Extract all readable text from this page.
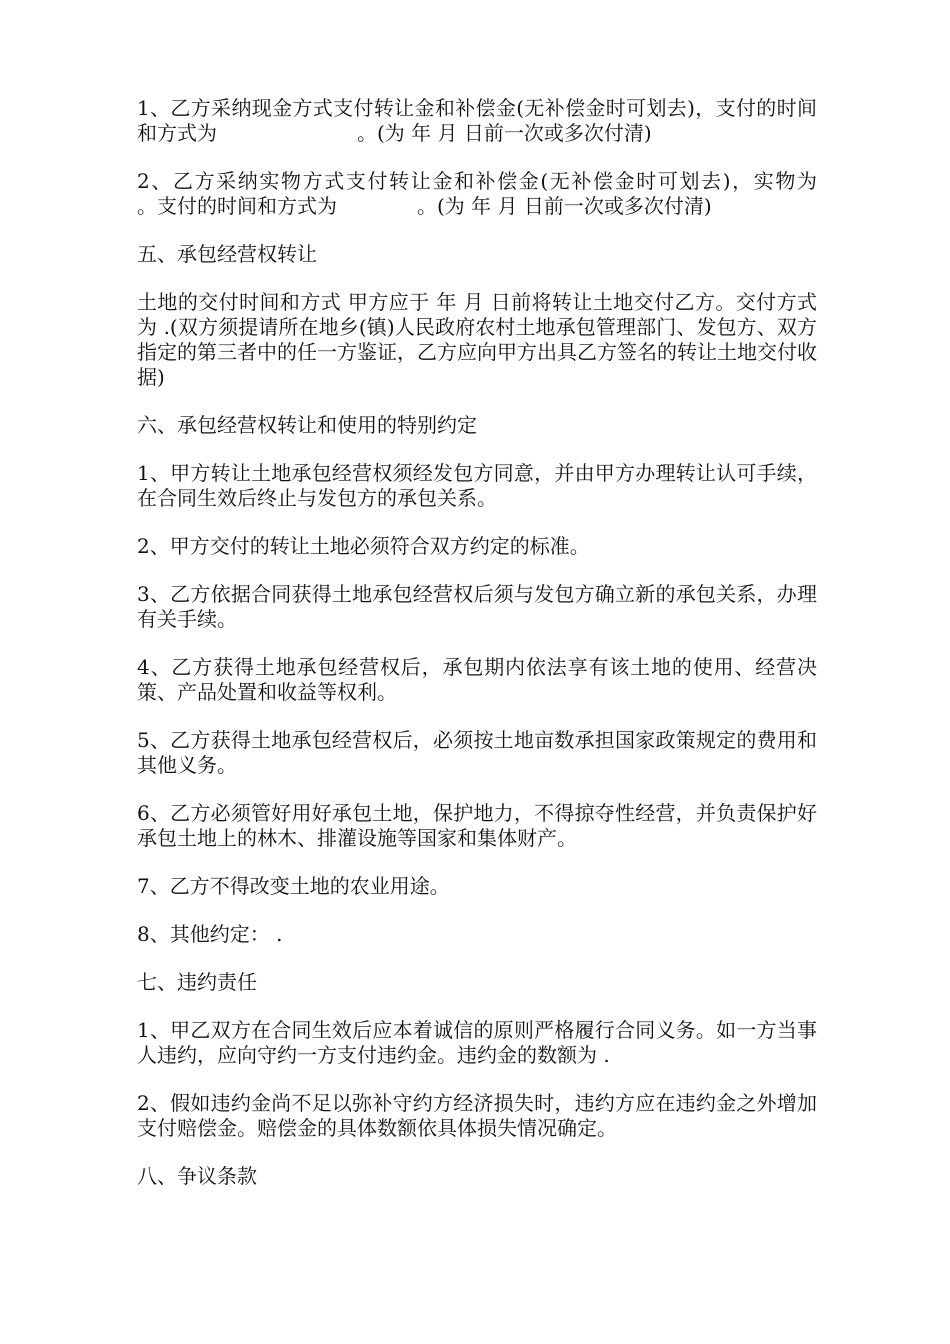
1、乙方采纳现金方式支付转让金和补偿金(无补偿金时可划去)，支付的时间和方式为　　　　　　　。(为 年 月 日前一次或多次付清)

2、乙方采纳实物方式支付转让金和补偿金(无补偿金时可划去)，实物为　　　。支付的时间和方式为　　　　。(为 年 月 日前一次或多次付清)

五、承包经营权转让

土地的交付时间和方式 甲方应于 年 月 日前将转让土地交付乙方。交付方式为 .(双方须提请所在地乡(镇)人民政府农村土地承包管理部门、发包方、双方指定的第三者中的任一方鉴证，乙方应向甲方出具乙方签名的转让土地交付收据)

六、承包经营权转让和使用的特别约定

1、甲方转让土地承包经营权须经发包方同意，并由甲方办理转让认可手续，在合同生效后终止与发包方的承包关系。

2、甲方交付的转让土地必须符合双方约定的标准。

3、乙方依据合同获得土地承包经营权后须与发包方确立新的承包关系，办理有关手续。

4、乙方获得土地承包经营权后，承包期内依法享有该土地的使用、经营决策、产品处置和收益等权利。

5、乙方获得土地承包经营权后，必须按土地亩数承担国家政策规定的费用和其他义务。

6、乙方必须管好用好承包土地，保护地力，不得掠夺性经营，并负责保护好承包土地上的林木、排灌设施等国家和集体财产。

7、乙方不得改变土地的农业用途。

8、其他约定： .

七、违约责任

1、甲乙双方在合同生效后应本着诚信的原则严格履行合同义务。如一方当事人违约，应向守约一方支付违约金。违约金的数额为 .

2、假如违约金尚不足以弥补守约方经济损失时，违约方应在违约金之外增加支付赔偿金。赔偿金的具体数额依具体损失情况确定。

八、争议条款
